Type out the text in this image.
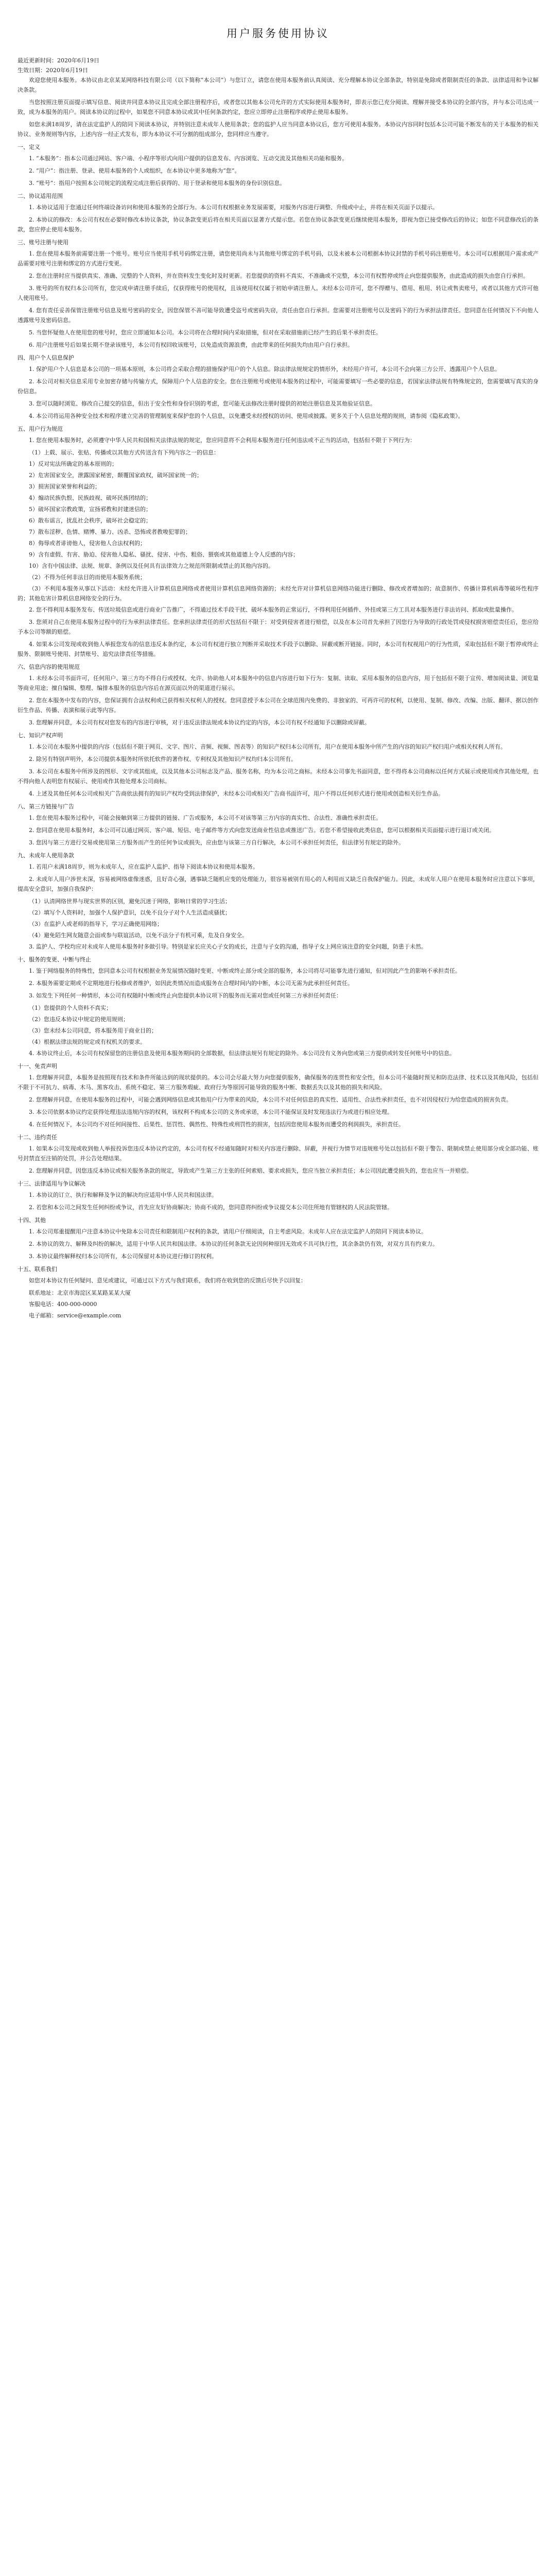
用户服务使用协议

最近更新时间：2020年6月19日

生效日期：2020年6月19日

欢迎您使用本服务。本协议由北京某某网络科技有限公司（以下简称“本公司”）与您订立，请您在使用本服务前认真阅读、充分理解本协议全部条款，特别是免除或者限制责任的条款、法律适用和争议解决条款。

当您按照注册页面提示填写信息、阅读并同意本协议且完成全部注册程序后，或者您以其他本公司允许的方式实际使用本服务时，即表示您已充分阅读、理解并接受本协议的全部内容，并与本公司达成一致，成为本服务的用户。阅读本协议的过程中，如果您不同意本协议或其中任何条款约定，您应立即停止注册程序或停止使用本服务。

如您未满18周岁，请在法定监护人的陪同下阅读本协议，并特别注意未成年人使用条款；您的监护人应当同意本协议后，您方可使用本服务。本协议内容同时包括本公司可能不断发布的关于本服务的相关协议、业务规则等内容，上述内容一经正式发布，即为本协议不可分割的组成部分，您同样应当遵守。

一、定义

1. “本服务”：指本公司通过网站、客户端、小程序等形式向用户提供的信息发布、内容浏览、互动交流及其他相关功能和服务。

2. “用户”：指注册、登录、使用本服务的个人或组织，在本协议中更多地称为“您”。

3. “账号”：指用户按照本公司规定的流程完成注册后获得的、用于登录和使用本服务的身份识别信息。

二、协议适用范围

1. 本协议适用于您通过任何终端设备访问和使用本服务的全部行为。本公司有权根据业务发展需要，对服务内容进行调整、升级或中止，并将在相关页面予以提示。

2. 本协议的修改：本公司有权在必要时修改本协议条款，协议条款变更后将在相关页面以显著方式提示您。若您在协议条款变更后继续使用本服务，即视为您已接受修改后的协议；如您不同意修改后的条款，您应停止使用本服务。

三、账号注册与使用

1. 您在使用本服务前需要注册一个账号。账号应当使用手机号码绑定注册，请您使用尚未与其他账号绑定的手机号码，以及未被本公司根据本协议封禁的手机号码注册账号。本公司可以根据用户需求或产品需要对账号注册和绑定的方式进行变更。

2. 您在注册时应当提供真实、准确、完整的个人资料，并在资料发生变化时及时更新。若您提供的资料不真实、不准确或不完整，本公司有权暂停或终止向您提供服务，由此造成的损失由您自行承担。

3. 账号的所有权归本公司所有，您完成申请注册手续后，仅获得账号的使用权，且该使用权仅属于初始申请注册人。未经本公司许可，您不得赠与、借用、租用、转让或售卖账号，或者以其他方式许可他人使用账号。

4. 您有责任妥善保管注册账号信息及账号密码的安全，因您保管不善可能导致遭受盗号或密码失窃，责任由您自行承担。您需要对注册账号以及密码下的行为承担法律责任。您同意在任何情况下不向他人透露账号及密码信息。

5. 当您怀疑他人在使用您的账号时，您应立即通知本公司。本公司将在合理时间内采取措施，但对在采取措施前已经产生的后果不承担责任。

6. 用户注册账号后如果长期不登录该账号，本公司有权回收该账号，以免造成资源浪费，由此带来的任何损失均由用户自行承担。

四、用户个人信息保护

1. 保护用户个人信息是本公司的一项基本原则，本公司将会采取合理的措施保护用户的个人信息。除法律法规规定的情形外，未经用户许可，本公司不会向第三方公开、透露用户个人信息。

2. 本公司对相关信息采用专业加密存储与传输方式，保障用户个人信息的安全。您在注册账号或使用本服务的过程中，可能需要填写一些必要的信息，若国家法律法规有特殊规定的，您需要填写真实的身份信息。

3. 您可以随时浏览、修改自己提交的信息，但出于安全性和身份识别的考虑，您可能无法修改注册时提供的初始注册信息及其他验证信息。

4. 本公司将运用各种安全技术和程序建立完善的管理制度来保护您的个人信息，以免遭受未经授权的访问、使用或披露。更多关于个人信息处理的规则，请参阅《隐私政策》。

五、用户行为规范

1. 您在使用本服务时，必须遵守中华人民共和国相关法律法规的规定，您应同意将不会利用本服务进行任何违法或不正当的活动，包括但不限于下列行为：

（1）上载、展示、张贴、传播或以其他方式传送含有下列内容之一的信息：

1）反对宪法所确定的基本原则的；

2）危害国家安全，泄露国家秘密，颠覆国家政权，破坏国家统一的；

3）损害国家荣誉和利益的；

4）煽动民族仇恨、民族歧视、破坏民族团结的；

5）破坏国家宗教政策，宣扬邪教和封建迷信的；

6）散布谣言，扰乱社会秩序，破坏社会稳定的；

7）散布淫秽、色情、赌博、暴力、凶杀、恐怖或者教唆犯罪的；

8）侮辱或者诽谤他人，侵害他人合法权利的；

9）含有虚假、有害、胁迫、侵害他人隐私、骚扰、侵害、中伤、粗俗、猥亵或其他道德上令人反感的内容；

10）含有中国法律、法规、规章、条例以及任何具有法律效力之规范所限制或禁止的其他内容的。

（2）不得为任何非法目的而使用本服务系统；

（3）不利用本服务从事以下活动：未经允许进入计算机信息网络或者使用计算机信息网络资源的；未经允许对计算机信息网络功能进行删除、修改或者增加的；故意制作、传播计算机病毒等破坏性程序的；其他危害计算机信息网络安全的行为。

2. 您不得利用本服务发布、传送垃圾信息或进行商业广告推广，不得通过技术手段干扰、破坏本服务的正常运行，不得利用任何插件、外挂或第三方工具对本服务进行非法访问、抓取或批量操作。

3. 您须对自己在使用本服务过程中的行为承担法律责任。您承担法律责任的形式包括但不限于：对受到侵害者进行赔偿，以及在本公司首先承担了因您行为导致的行政处罚或侵权损害赔偿责任后，您应给予本公司等额的赔偿。

4. 如果本公司发现或收到他人举报您发布的信息违反本条约定，本公司有权进行独立判断并采取技术手段予以删除、屏蔽或断开链接。同时，本公司有权视用户的行为性质，采取包括但不限于暂停或终止服务、限制账号使用、封禁账号、追究法律责任等措施。

六、信息内容的使用规范

1. 未经本公司书面许可，任何用户、第三方均不得自行或授权、允许、协助他人对本服务中的信息内容进行如下行为：复制、读取、采用本服务的信息内容，用于包括但不限于宣传、增加阅读量、浏览量等商业用途；擅自编辑、整理、编排本服务的信息内容后在源页面以外的渠道进行展示。

2. 您在本服务中发布的内容，您保证拥有合法权利或已获得相关权利人的授权。您同意授予本公司在全球范围内免费的、非独家的、可再许可的权利，以使用、复制、修改、改编、出版、翻译、据以创作衍生作品、传播、表演和展示此等内容。

3. 您理解并同意，本公司有权对您发布的内容进行审核，对于违反法律法规或本协议约定的内容，本公司有权不经通知予以删除或屏蔽。

七、知识产权声明

1. 本公司在本服务中提供的内容（包括但不限于网页、文字、图片、音频、视频、图表等）的知识产权归本公司所有，用户在使用本服务中所产生的内容的知识产权归用户或相关权利人所有。

2. 除另有特别声明外，本公司提供本服务时所依托软件的著作权、专利权及其他知识产权均归本公司所有。

3. 本公司在本服务中所涉及的图形、文字或其组成，以及其他本公司标志及产品、服务名称，均为本公司之商标。未经本公司事先书面同意，您不得将本公司商标以任何方式展示或使用或作其他处理，也不得向他人表明您有权展示、使用或作其他处理本公司商标。

4. 上述及其他任何本公司或相关广告商依法拥有的知识产权均受到法律保护，未经本公司或相关广告商书面许可，用户不得以任何形式进行使用或创造相关衍生作品。

八、第三方链接与广告

1. 您在使用本服务过程中，可能会接触到第三方提供的链接、广告或服务，本公司不对该等第三方内容的真实性、合法性、准确性承担责任。

2. 您同意在使用本服务时，本公司可以通过网页、客户端、短信、电子邮件等方式向您发送商业性信息或推送广告。若您不希望接收此类信息，您可以根据相关页面提示进行退订或关闭。

3. 您因与第三方进行交易或使用第三方服务而产生的任何争议或损失，应由您与该第三方自行解决，本公司不承担任何责任，但法律另有规定的除外。

九、未成年人使用条款

1. 若用户未满18周岁，则为未成年人，应在监护人监护、指导下阅读本协议和使用本服务。

2. 未成年人用户涉世未深，容易被网络虚像迷惑，且好奇心强，遇事缺乏随机应变的处理能力，很容易被别有用心的人利用而又缺乏自我保护能力。因此，未成年人用户在使用本服务时应注意以下事项，提高安全意识，加强自我保护：

（1）认清网络世界与现实世界的区别，避免沉迷于网络，影响日常的学习生活；

（2）填写个人资料时，加强个人保护意识，以免不良分子对个人生活造成骚扰；

（3）在监护人或老师的指导下，学习正确使用网络；

（4）避免陌生网友随意会面或参与联谊活动，以免不法分子有机可乘，危及自身安全。

3. 监护人、学校均应对未成年人使用本服务时多做引导。特别是家长应关心子女的成长，注意与子女的沟通，指导子女上网应该注意的安全问题，防患于未然。

十、服务的变更、中断与终止

1. 鉴于网络服务的特殊性，您同意本公司有权根据业务发展情况随时变更、中断或终止部分或全部的服务，本公司将尽可能事先进行通知，但对因此产生的影响不承担责任。

2. 本服务需要定期或不定期地进行检修或者维护，如因此类情况而造成服务在合理时间内的中断，本公司无需为此承担任何责任。

3. 如发生下列任何一种情形，本公司有权随时中断或终止向您提供本协议项下的服务而无需对您或任何第三方承担任何责任：

（1）您提供的个人资料不真实；

（2）您违反本协议中规定的使用规则；

（3）您未经本公司同意，将本服务用于商业目的；

（4）根据法律法规的规定或有权机关的要求。

4. 本协议终止后，本公司有权保留您的注册信息及使用本服务期间的全部数据，但法律法规另有规定的除外。本公司没有义务向您或第三方提供或转发任何账号中的信息。

十一、免责声明

1. 您理解并同意，本服务是按照现有技术和条件所能达到的现状提供的。本公司会尽最大努力向您提供服务，确保服务的连贯性和安全性，但本公司不能随时预见和防范法律、技术以及其他风险，包括但不限于不可抗力、病毒、木马、黑客攻击、系统不稳定、第三方服务瑕疵、政府行为等原因可能导致的服务中断、数据丢失以及其他的损失和风险。

2. 您理解并同意，在使用本服务的过程中，可能会遇到网络信息或其他用户行为带来的风险，本公司不对任何信息的真实性、适用性、合法性承担责任，也不对因侵权行为给您造成的损害负责。

3. 本公司依据本协议约定获得处理违法违规内容的权利，该权利不构成本公司的义务或承诺，本公司不能保证及时发现违法行为或进行相应处理。

4. 在任何情况下，本公司均不对任何间接性、后果性、惩罚性、偶然性、特殊性或刑罚性的损害，包括因您使用本服务而遭受的利润损失，承担责任。

十二、违约责任

1. 如果本公司发现或收到他人举报投诉您违反本协议约定的，本公司有权不经通知随时对相关内容进行删除、屏蔽，并视行为情节对违规账号处以包括但不限于警告、限制或禁止使用部分或全部功能、账号封禁直至注销的处罚，并公告处理结果。

2. 您理解并同意，因您违反本协议或相关服务条款的规定，导致或产生第三方主张的任何索赔、要求或损失，您应当独立承担责任；本公司因此遭受损失的，您也应当一并赔偿。

十三、法律适用与争议解决

1. 本协议的订立、执行和解释及争议的解决均应适用中华人民共和国法律。

2. 若您和本公司之间发生任何纠纷或争议，首先应友好协商解决；协商不成的，您同意将纠纷或争议提交本公司住所地有管辖权的人民法院管辖。

十四、其他

1. 本公司郑重提醒用户注意本协议中免除本公司责任和限制用户权利的条款，请用户仔细阅读，自主考虑风险。未成年人应在法定监护人的陪同下阅读本协议。

2. 本协议的效力、解释及纠纷的解决，适用于中华人民共和国法律。本协议的任何条款无论因何种原因无效或不具可执行性，其余条款仍有效，对双方具有约束力。

3. 本协议最终解释权归本公司所有，本公司保留对本协议进行修订的权利。

十五、联系我们

如您对本协议有任何疑问、意见或建议，可通过以下方式与我们联系，我们将在收到您的反馈后尽快予以回复：

联系地址：北京市海淀区某某路某某大厦

客服电话：400-000-0000

电子邮箱：service@example.com
